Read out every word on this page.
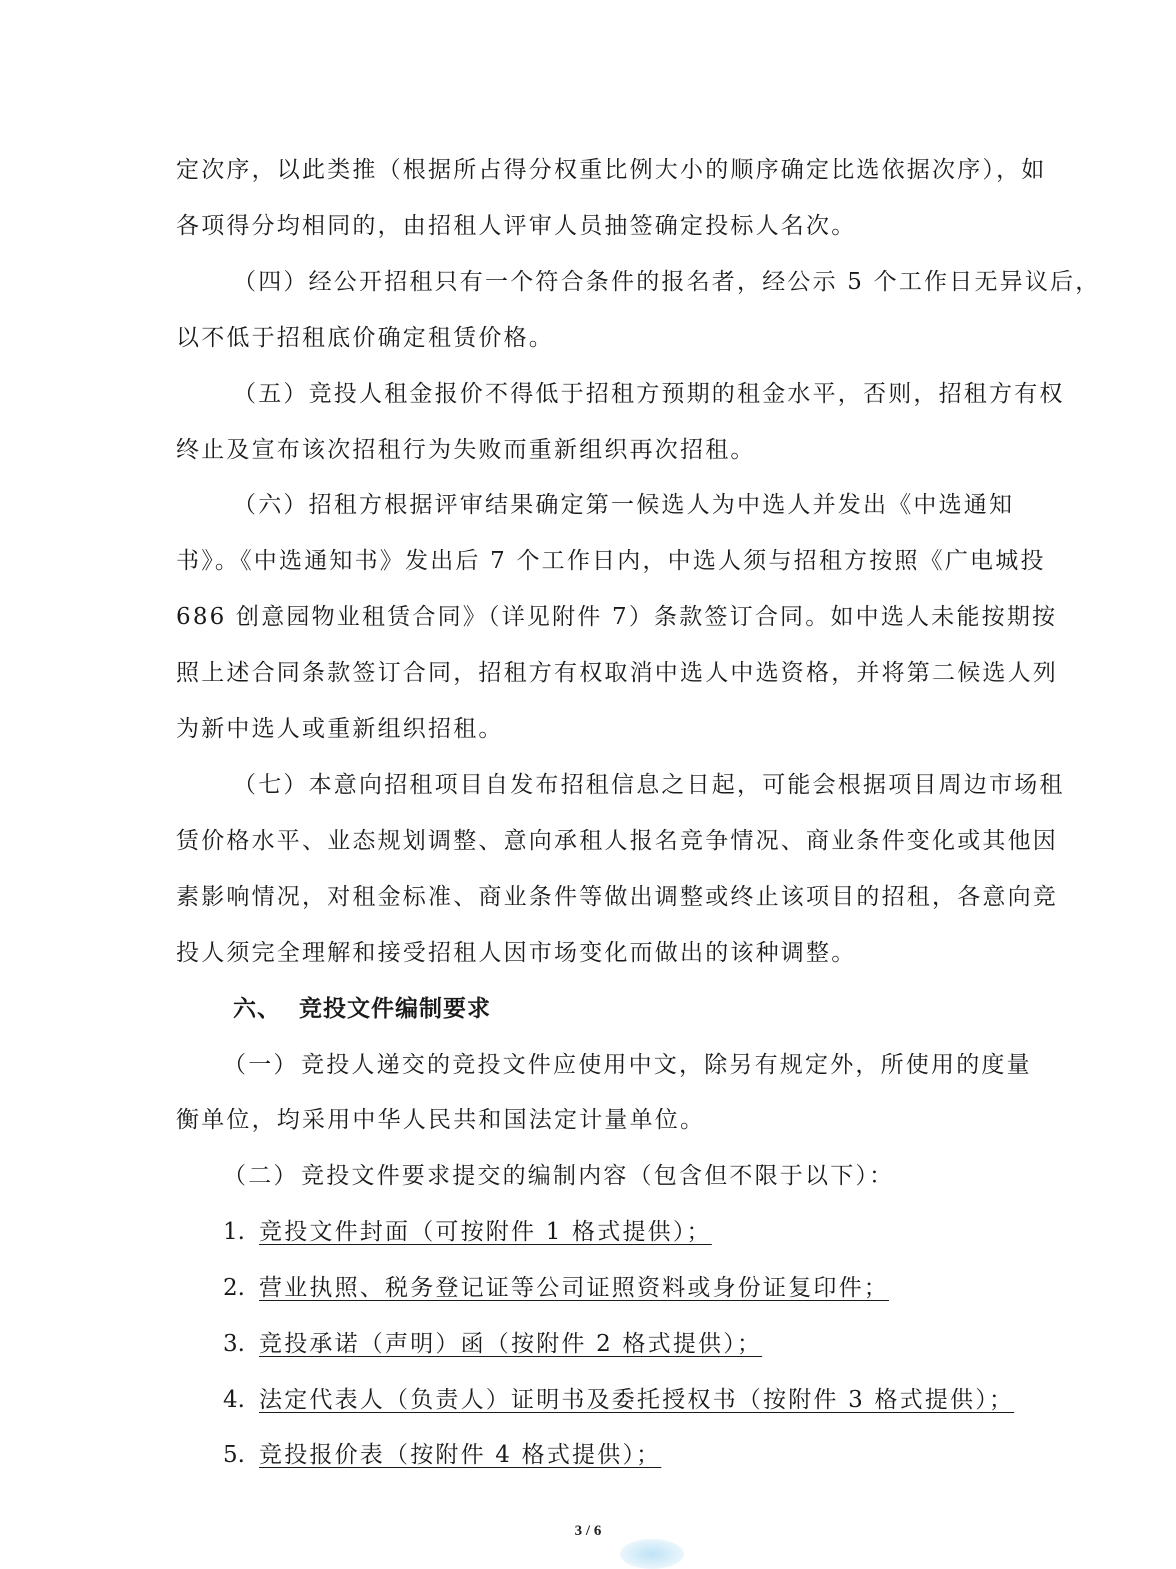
定次序，以此类推（根据所占得分权重比例大小的顺序确定比选依据次序），如
各项得分均相同的，由招租人评审人员抽签确定投标人名次。
（四）经公开招租只有一个符合条件的报名者，经公示 5 个工作日无异议后，
以不低于招租底价确定租赁价格。
（五）竞投人租金报价不得低于招租方预期的租金水平，否则，招租方有权
终止及宣布该次招租行为失败而重新组织再次招租。
（六）招租方根据评审结果确定第一候选人为中选人并发出《中选通知
书》。《中选通知书》发出后 7 个工作日内，中选人须与招租方按照《广电城投
686 创意园物业租赁合同》（详见附件 7）条款签订合同。如中选人未能按期按
照上述合同条款签订合同，招租方有权取消中选人中选资格，并将第二候选人列
为新中选人或重新组织招租。
（七）本意向招租项目自发布招租信息之日起，可能会根据项目周边市场租
赁价格水平、业态规划调整、意向承租人报名竞争情况、商业条件变化或其他因
素影响情况，对租金标准、商业条件等做出调整或终止该项目的招租，各意向竞
投人须完全理解和接受招租人因市场变化而做出的该种调整。
六、 竞投文件编制要求
（一） 竞投人递交的竞投文件应使用中文，除另有规定外，所使用的度量
衡单位，均采用中华人民共和国法定计量单位。
（二） 竞投文件要求提交的编制内容（包含但不限于以下）：
1. 竞投文件封面（可按附件 1 格式提供）；
2. 营业执照、税务登记证等公司证照资料或身份证复印件；
3. 竞投承诺（声明）函（按附件 2 格式提供）；
4. 法定代表人（负责人）证明书及委托授权书（按附件 3 格式提供）；
5. 竞投报价表（按附件 4 格式提供）；
3 / 6
